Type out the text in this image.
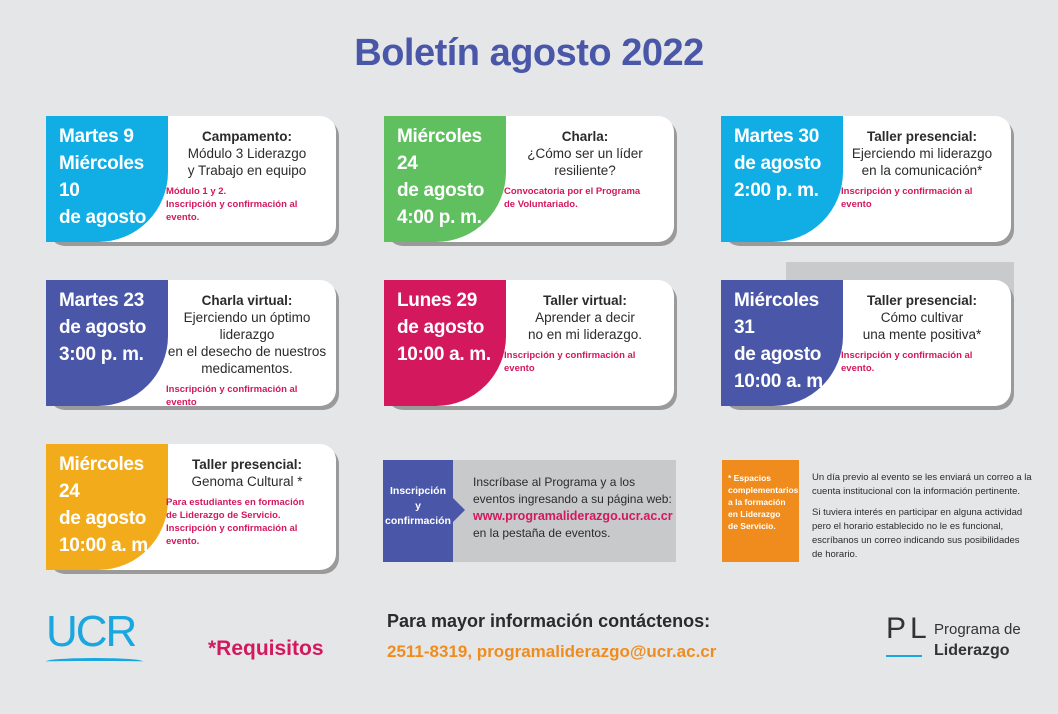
Boletín agosto 2022
Martes 9
Miércoles 10
de agosto
Campamento:
Módulo 3 Liderazgo
y Trabajo en equipo
Módulo 1 y 2.
Inscripción y confirmación al evento.
Miércoles 24
de agosto
4:00 p. m.
Charla:
¿Cómo ser un líder resiliente?
Convocatoria por el Programa
de Voluntariado.
Martes 30
de agosto
2:00 p. m.
Taller presencial:
Ejerciendo mi liderazgo
en la comunicación*
Inscripción y confirmación al evento
Martes 23
de agosto
3:00 p. m.
Charla virtual:
Ejerciendo un óptimo liderazgo
en el desecho de nuestros
medicamentos.
Inscripción y confirmación al evento
Lunes 29
de agosto
10:00 a. m.
Taller virtual:
Aprender a decir
no en mi liderazgo.
Inscripción y confirmación al evento
Miércoles 31
de agosto
10:00 a. m.
Taller presencial:
Cómo cultivar
una mente positiva*
Inscripción y confirmación al evento.
Miércoles 24
de agosto
10:00 a. m.
Taller presencial:
Genoma Cultural *
Para estudiantes en formación
de Liderazgo de Servicio.
Inscripción y confirmación al evento.
Inscripción
y
confirmación
Inscríbase al Programa y a los eventos ingresando a su página web:
www.programaliderazgo.ucr.ac.cr
en la pestaña de eventos.
* Espacios
complementarios
a la formación
en Liderazgo
de Servicio.

Un día previo al evento se les enviará un correo a la cuenta institucional con la información pertinente.

Si tuviera interés en participar en alguna actividad pero el horario establecido no le es funcional, escríbanos un correo indicando sus posibilidades de horario.

UCR	*Requisitos
Para mayor información contáctenos:
2511-8319, programaliderazgo@ucr.ac.cr
PL Programa de
Liderazgo
